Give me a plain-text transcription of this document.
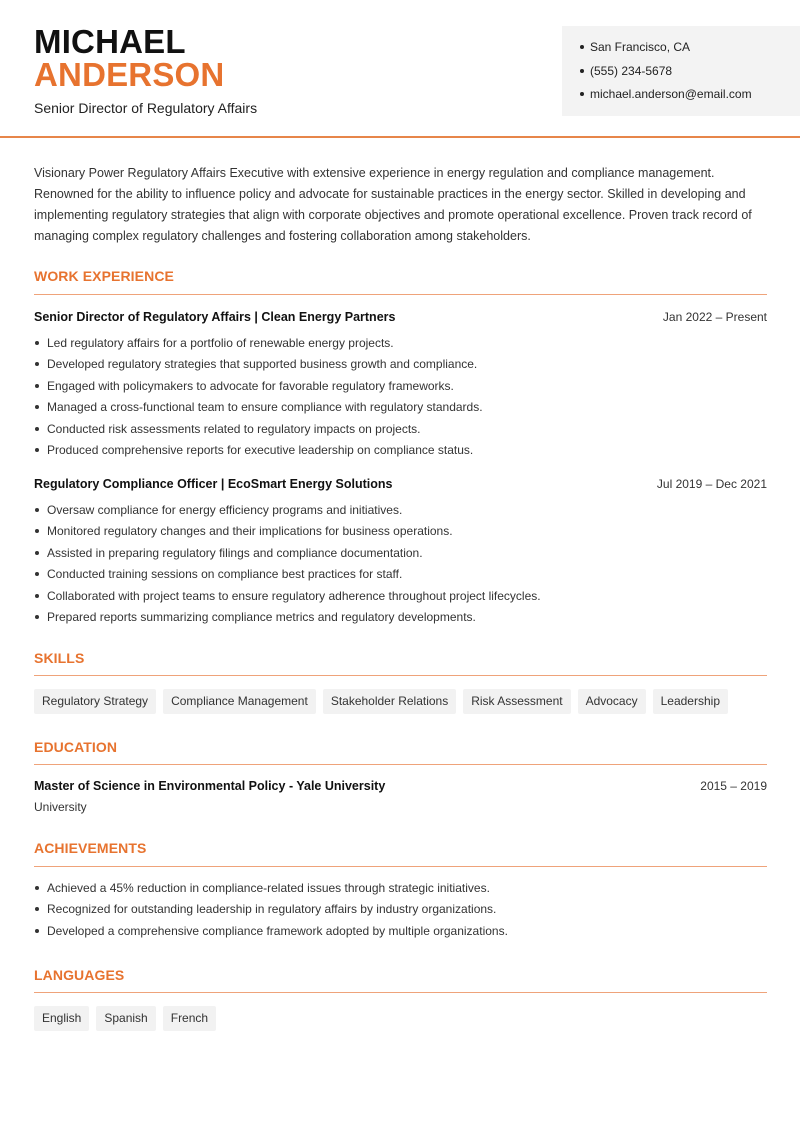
MICHAEL
ANDERSON
Senior Director of Regulatory Affairs
San Francisco, CA
(555) 234-5678
michael.anderson@email.com

Visionary Power Regulatory Affairs Executive with extensive experience in energy regulation and compliance management. Renowned for the ability to influence policy and advocate for sustainable practices in the energy sector. Skilled in developing and implementing regulatory strategies that align with corporate objectives and promote operational excellence. Proven track record of managing complex regulatory challenges and fostering collaboration among stakeholders.

WORK EXPERIENCE
Senior Director of Regulatory Affairs | Clean Energy Partners	Jan 2022 – Present
Led regulatory affairs for a portfolio of renewable energy projects.
Developed regulatory strategies that supported business growth and compliance.
Engaged with policymakers to advocate for favorable regulatory frameworks.
Managed a cross-functional team to ensure compliance with regulatory standards.
Conducted risk assessments related to regulatory impacts on projects.
Produced comprehensive reports for executive leadership on compliance status.
Regulatory Compliance Officer | EcoSmart Energy Solutions	Jul 2019 – Dec 2021
Oversaw compliance for energy efficiency programs and initiatives.
Monitored regulatory changes and their implications for business operations.
Assisted in preparing regulatory filings and compliance documentation.
Conducted training sessions on compliance best practices for staff.
Collaborated with project teams to ensure regulatory adherence throughout project lifecycles.
Prepared reports summarizing compliance metrics and regulatory developments.
SKILLS
Regulatory Strategy	Compliance Management	Stakeholder Relations	Risk Assessment	Advocacy	Leadership
EDUCATION
Master of Science in Environmental Policy - Yale University	2015 – 2019
University
ACHIEVEMENTS
Achieved a 45% reduction in compliance-related issues through strategic initiatives.
Recognized for outstanding leadership in regulatory affairs by industry organizations.
Developed a comprehensive compliance framework adopted by multiple organizations.
LANGUAGES
English	Spanish	French
